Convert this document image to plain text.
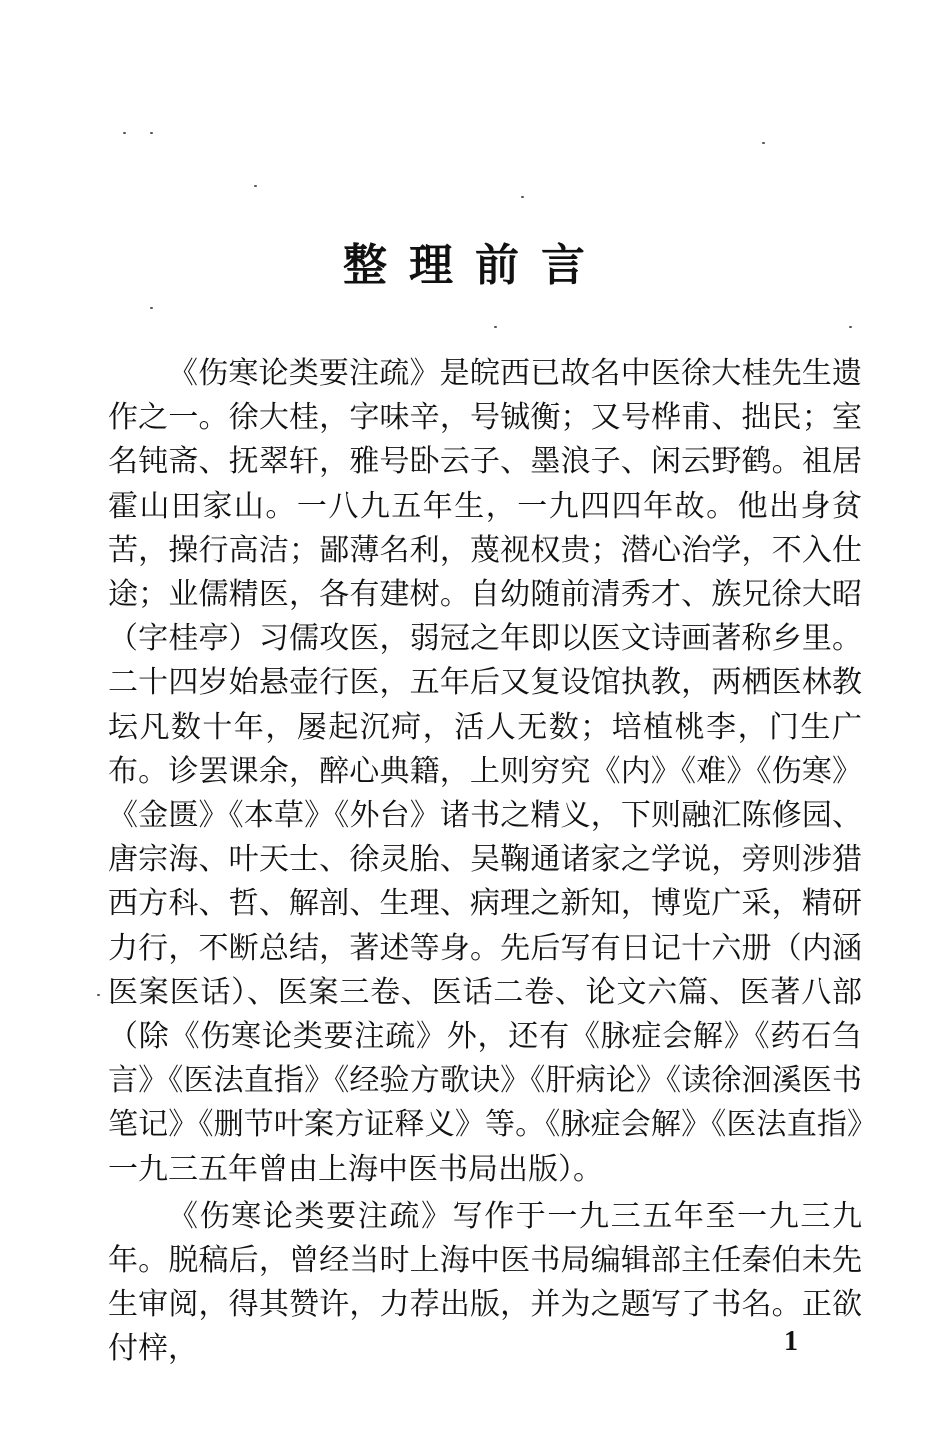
整理前言

《伤寒论类要注疏》是皖西已故名中医徐大桂先生遗作之一。徐大桂，字味辛，号铖衡；又号桦甫、拙民；室名钝斋、抚翠轩，雅号卧云子、墨浪子、闲云野鹤。祖居霍山田家山。一八九五年生，一九四四年故。他出身贫苦，操行高洁；鄙薄名利，蔑视权贵；潜心治学，不入仕途；业儒精医，各有建树。自幼随前清秀才、族兄徐大昭（字桂亭）习儒攻医，弱冠之年即以医文诗画著称乡里。二十四岁始悬壶行医，五年后又复设馆执教，两栖医林教坛凡数十年，屡起沉疴，活人无数；培植桃李，门生广布。诊罢课余，醉心典籍，上则穷究《内》《难》《伤寒》《金匮》《本草》《外台》诸书之精义，下则融汇陈修园、唐宗海、叶天士、徐灵胎、吴鞠通诸家之学说，旁则涉猎西方科、哲、解剖、生理、病理之新知，博览广采，精研力行，不断总结，著述等身。先后写有日记十六册（内涵医案医话）、医案三卷、医话二卷、论文六篇、医著八部（除《伤寒论类要注疏》外，还有《脉症会解》《药石刍言》《医法直指》《经验方歌诀》《肝病论》《读徐洄溪医书笔记》《删节叶案方证释义》等。《脉症会解》《医法直指》一九三五年曾由上海中医书局出版）。

《伤寒论类要注疏》写作于一九三五年至一九三九年。脱稿后，曾经当时上海中医书局编辑部主任秦伯未先生审阅，得其赞许，力荐出版，并为之题写了书名。正欲付梓，	1
